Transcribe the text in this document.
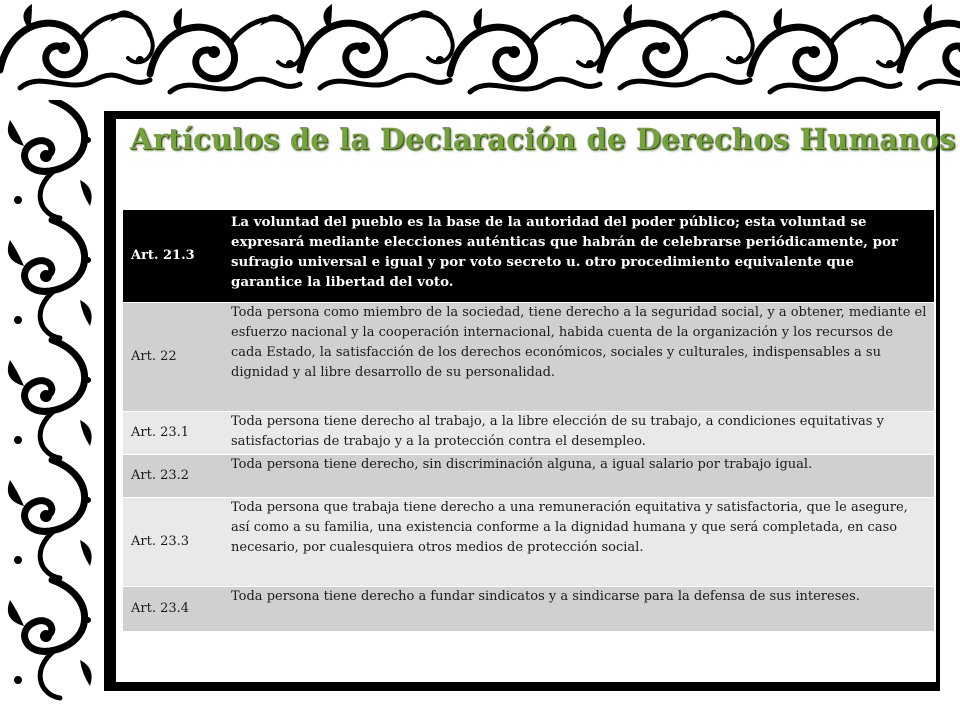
Artículos de la Declaración de Derechos Humanos
Art. 21.3	La voluntad del pueblo es la base de la autoridad del poder público; esta voluntad se expresará mediante elecciones auténticas que habrán de celebrarse periódicamente, por sufragio universal e igual y por voto secreto u. otro procedimiento equivalente que garantice la libertad del voto.

Art. 22	Toda persona como miembro de la sociedad, tiene derecho a la seguridad social, y a obtener, mediante el esfuerzo nacional y la cooperación internacional, habida cuenta de la organización y los recursos de cada Estado, la satisfacción de los derechos económicos, sociales y culturales, indispensables a su dignidad y al libre desarrollo de su personalidad.
Art. 23.1	Toda persona tiene derecho al trabajo, a la libre elección de su trabajo, a condiciones equitativas y satisfactorias de trabajo y a la protección contra el desempleo.
Art. 23.2	Toda persona tiene derecho, sin discriminación alguna, a igual salario por trabajo igual.
Art. 23.3	Toda persona que trabaja tiene derecho a una remuneración equitativa y satisfactoria, que le asegure, así como a su familia, una existencia conforme a la dignidad humana y que será completada, en caso necesario, por cualesquiera otros medios de protección social.
Art. 23.4	Toda persona tiene derecho a fundar sindicatos y a sindicarse para la defensa de sus intereses.
